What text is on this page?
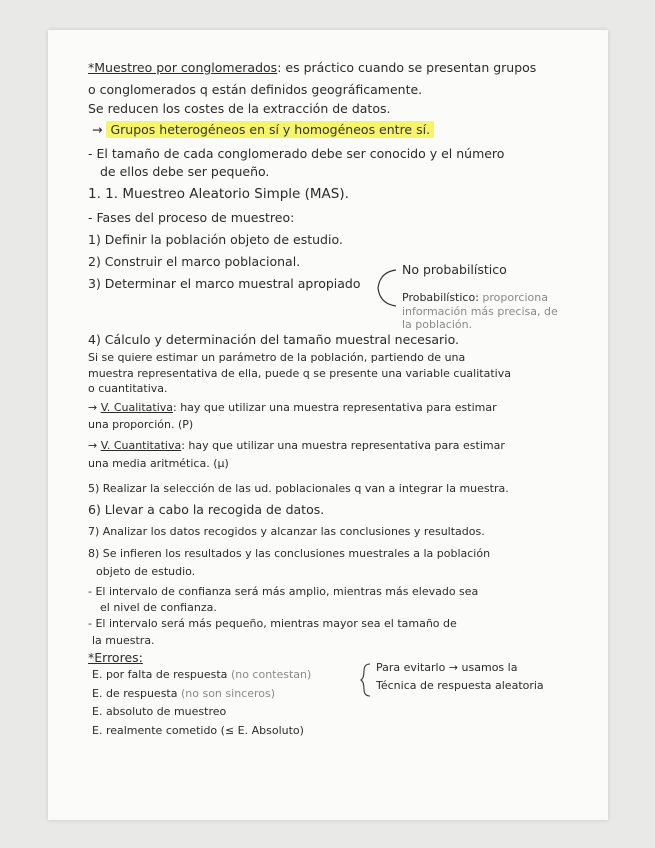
*Muestreo por conglomerados: es práctico cuando se presentan grupos
o conglomerados q están definidos geográficamente.
Se reducen los costes de la extracción de datos.
→ Grupos heterogéneos en sí y homogéneos entre sí.
- El tamaño de cada conglomerado debe ser conocido y el número
de ellos debe ser pequeño.
1. 1. Muestreo Aleatorio Simple (MAS).
- Fases del proceso de muestreo:
1) Definir la población objeto de estudio.
2) Construir el marco poblacional.
3) Determinar el marco muestral apropiado
No probabilístico
Probabilístico: proporciona
información más precisa, de
la población.
4) Cálculo y determinación del tamaño muestral necesario.
Si se quiere estimar un parámetro de la población, partiendo de una
muestra representativa de ella, puede q se presente una variable cualitativa
o cuantitativa.
→ V. Cualitativa: hay que utilizar una muestra representativa para estimar
una proporción. (P)
→ V. Cuantitativa: hay que utilizar una muestra representativa para estimar
una media aritmética. (μ)
5) Realizar la selección de las ud. poblacionales q van a integrar la muestra.
6) Llevar a cabo la recogida de datos.
7) Analizar los datos recogidos y alcanzar las conclusiones y resultados.
8) Se infieren los resultados y las conclusiones muestrales a la población
objeto de estudio.
- El intervalo de confianza será más amplio, mientras más elevado sea
el nivel de confianza.
- El intervalo será más pequeño, mientras mayor sea el tamaño de
la muestra.
*Errores:
E. por falta de respuesta (no contestan)
E. de respuesta (no son sinceros)
Para evitarlo → usamos la
Técnica de respuesta aleatoria
E. absoluto de muestreo
E. realmente cometido (≤ E. Absoluto)
